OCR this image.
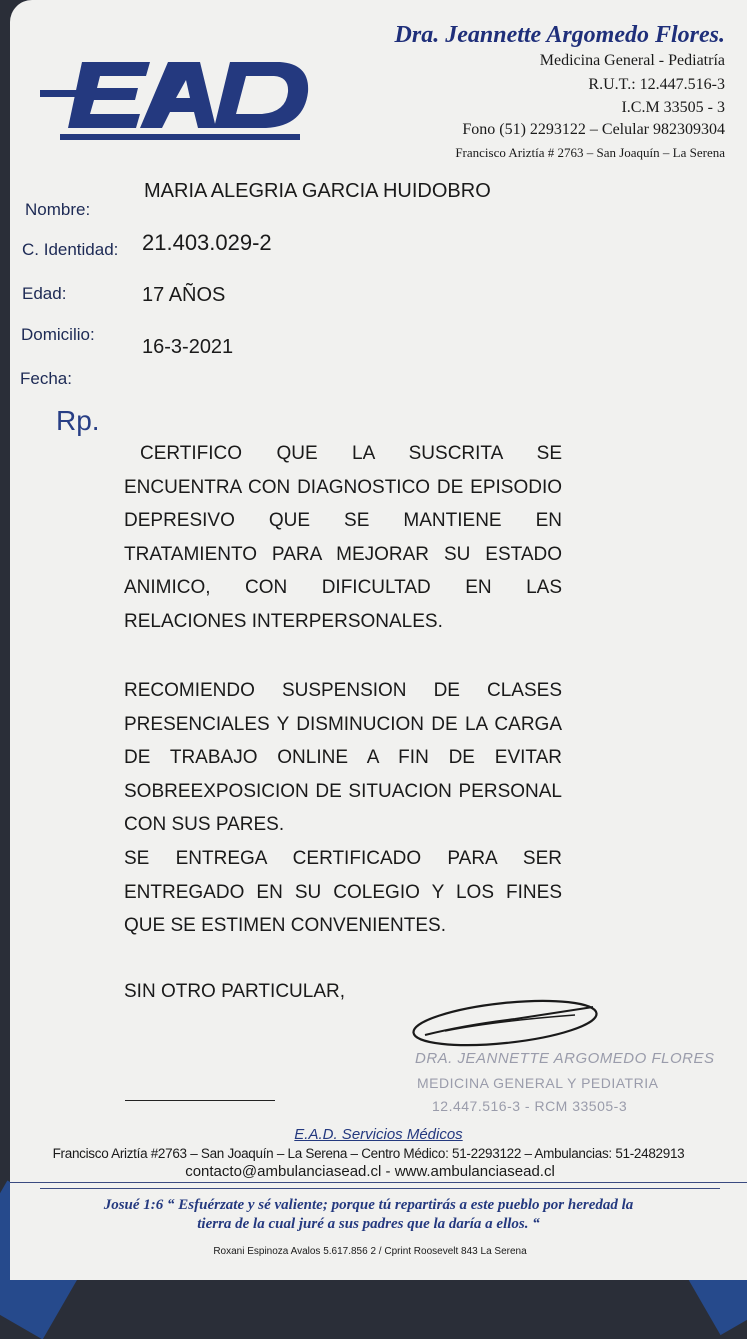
Dra. Jeannette Argomedo Flores.
Medicina General - Pediatría
R.U.T.: 12.447.516-3
I.C.M 33505 - 3
Fono (51) 2293122 – Celular 982309304
Francisco Ariztía # 2763 – San Joaquín – La Serena
MARIA ALEGRIA GARCIA HUIDOBRO
Nombre:
C. Identidad: 21.403.029-2
Edad:	17 AÑOS
Domicilio:
16-3-2021
Fecha:
Rp.
CERTIFICO QUE LA SUSCRITA SE ENCUENTRA CON DIAGNOSTICO DE EPISODIO DEPRESIVO QUE SE MANTIENE EN TRATAMIENTO PARA MEJORAR SU ESTADO ANIMICO, CON DIFICULTAD EN LAS RELACIONES INTERPERSONALES.
RECOMIENDO SUSPENSION DE CLASES PRESENCIALES Y DISMINUCION DE LA CARGA DE TRABAJO ONLINE A FIN DE EVITAR SOBREEXPOSICION DE SITUACION PERSONAL CON SUS PARES.
SE ENTREGA CERTIFICADO PARA SER ENTREGADO EN SU COLEGIO Y LOS FINES QUE SE ESTIMEN CONVENIENTES.
SIN OTRO PARTICULAR,
DRA. JEANNETTE ARGOMEDO FLORES
MEDICINA GENERAL Y PEDIATRIA
12.447.516-3 - RCM 33505-3
E.A.D. Servicios Médicos
Francisco Ariztía #2763 – San Joaquín – La Serena – Centro Médico: 51-2293122 – Ambulancias: 51-2482913
contacto@ambulanciasead.cl - www.ambulanciasead.cl
Josué 1:6 “ Esfuérzate y sé valiente; porque tú repartirás a este pueblo por heredad la
tierra de la cual juré a sus padres que la daría a ellos. “
Roxani Espinoza Avalos 5.617.856 2 / Cprint Roosevelt 843 La Serena
